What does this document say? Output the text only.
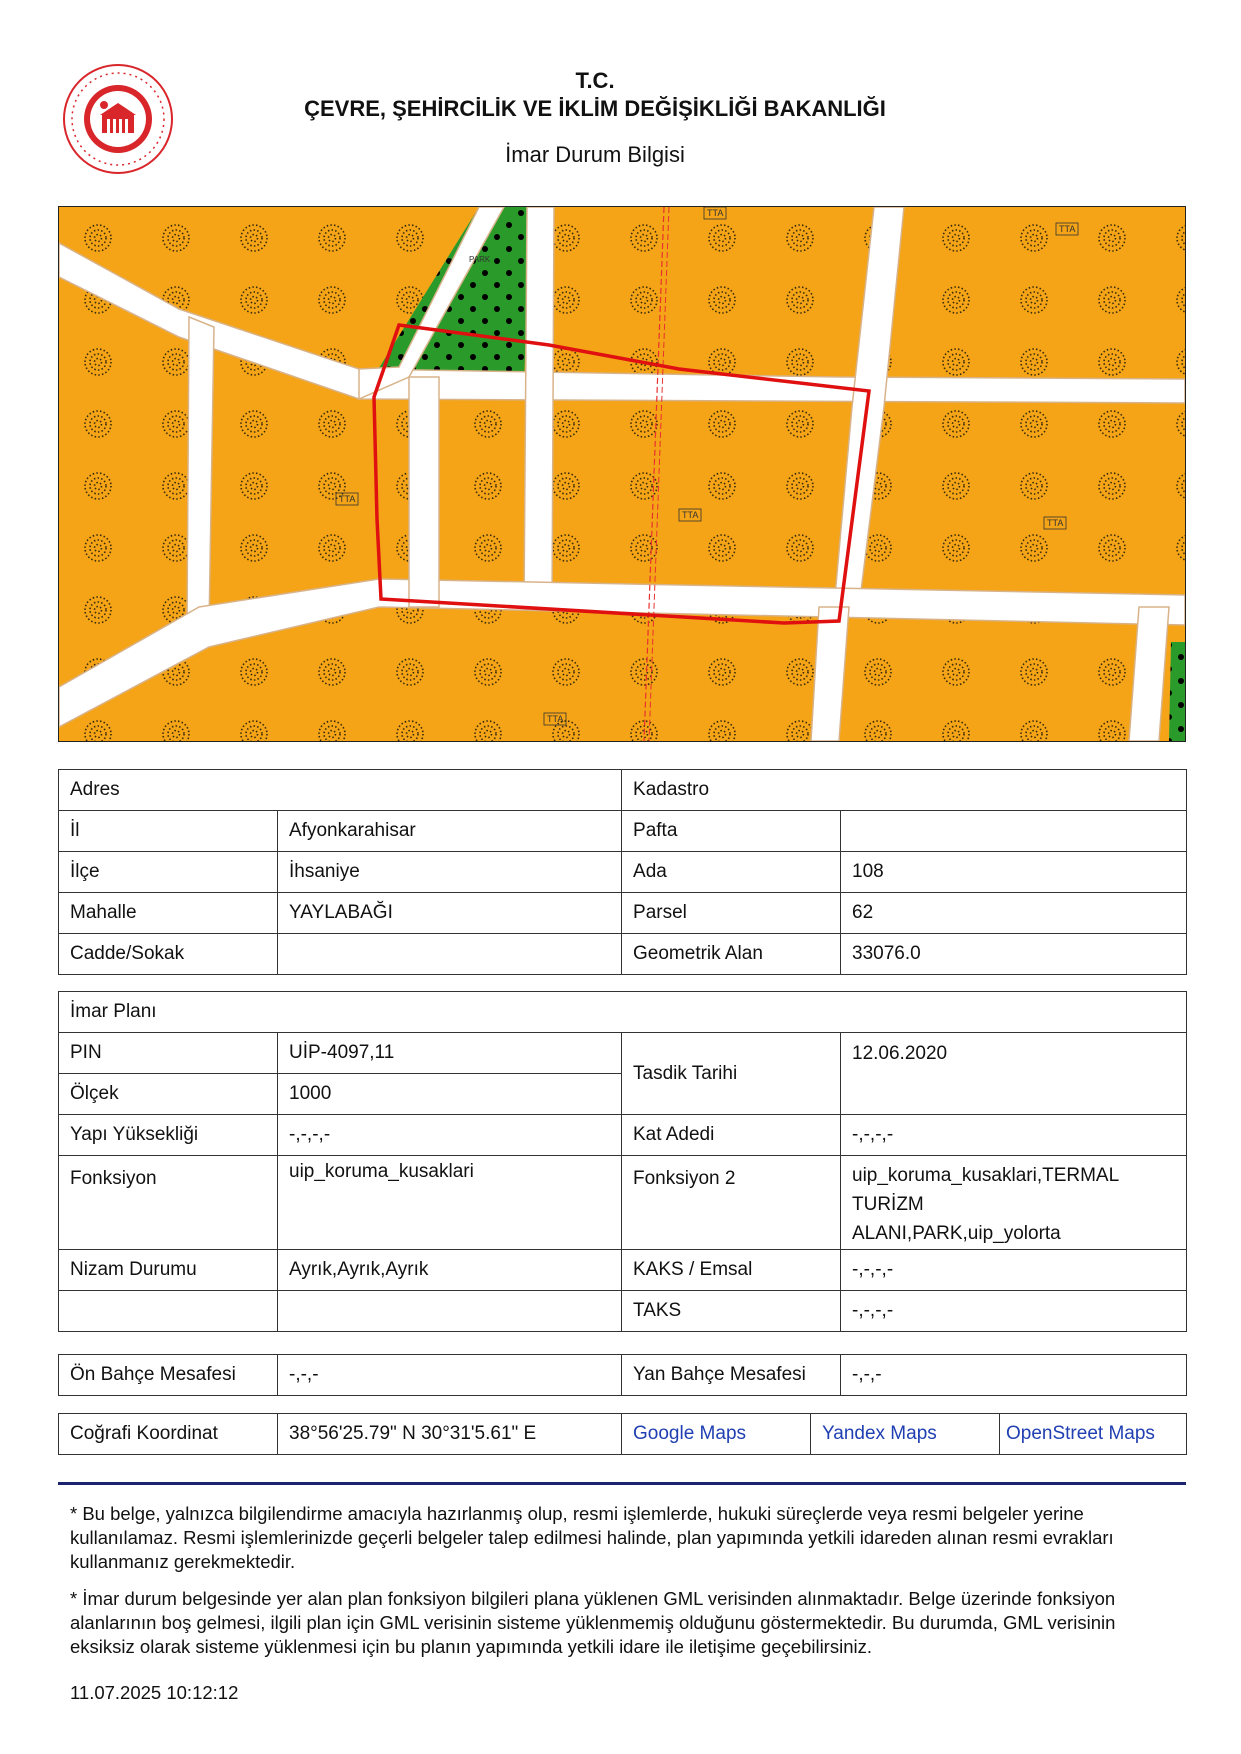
T.C.
ÇEVRE, ŞEHİRCİLİK VE İKLİM DEĞİŞİKLİĞİ BAKANLIĞI
İmar Durum Bilgisi
TTA
TTA
TTA
TTA
TTA
TTA
PARK
Adres		Kadastro	
İl	Afyonkarahisar	Pafta	
İlçe	İhsaniye	Ada	108
Mahalle	YAYLABAĞI	Parsel	62
Cadde/Sokak		Geometrik Alan	33076.0
İmar Planı			
PIN	UİP-4097,11	Tasdik Tarihi	12.06.2020
Ölçek	1000		
Yapı Yüksekliği	-,-,-,-	Kat Adedi	-,-,-,-
Fonksiyon	uip_koruma_kusaklari	Fonksiyon 2	uip_koruma_kusaklari,TERMAL
TURİZM
ALANI,PARK,uip_yolorta

Nizam Durumu	Ayrık,Ayrık,Ayrık	KAKS / Emsal	-,-,-,-
		TAKS	-,-,-,-
Ön Bahçe Mesafesi	-,-,-	Yan Bahçe Mesafesi	-,-,-
Coğrafi Koordinat	38°56'25.79" N 30°31'5.61" E	Google Maps	Yandex Maps	OpenStreet Maps
* Bu belge, yalnızca bilgilendirme amacıyla hazırlanmış olup, resmi işlemlerde, hukuki süreçlerde veya resmi belgeler yerine kullanılamaz. Resmi işlemlerinizde geçerli belgeler talep edilmesi halinde, plan yapımında yetkili idareden alınan resmi evrakları kullanmanız gerekmektedir.
* İmar durum belgesinde yer alan plan fonksiyon bilgileri plana yüklenen GML verisinden alınmaktadır. Belge üzerinde fonksiyon alanlarının boş gelmesi, ilgili plan için GML verisinin sisteme yüklenmemiş olduğunu göstermektedir. Bu durumda, GML verisinin eksiksiz olarak sisteme yüklenmesi için bu planın yapımında yetkili idare ile iletişime geçebilirsiniz.
11.07.2025 10:12:12
